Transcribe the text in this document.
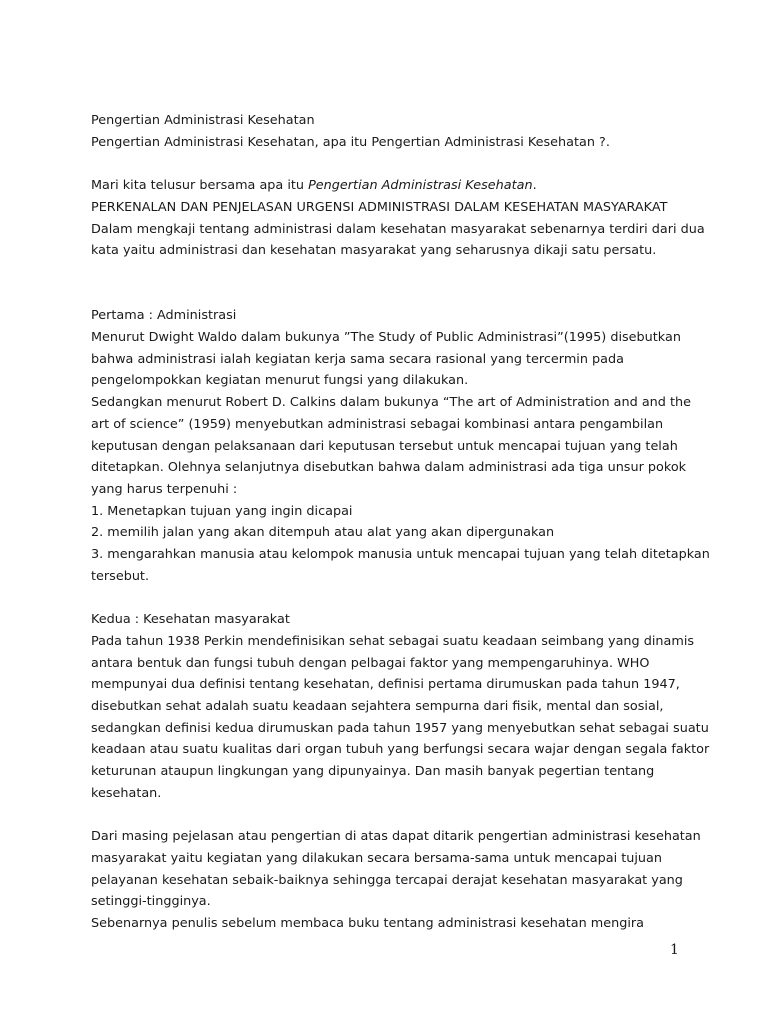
Pengertian Administrasi Kesehatan
Pengertian Administrasi Kesehatan, apa itu Pengertian Administrasi Kesehatan ?.
Mari kita telusur bersama apa itu Pengertian Administrasi Kesehatan.
PERKENALAN DAN PENJELASAN URGENSI ADMINISTRASI DALAM KESEHATAN MASYARAKAT
Dalam mengkaji tentang administrasi dalam kesehatan masyarakat sebenarnya terdiri dari dua
kata yaitu administrasi dan kesehatan masyarakat yang seharusnya dikaji satu persatu.
Pertama : Administrasi
Menurut Dwight Waldo dalam bukunya ”The Study of Public Administrasi”(1995) disebutkan
bahwa administrasi ialah kegiatan kerja sama secara rasional yang tercermin pada
pengelompokkan kegiatan menurut fungsi yang dilakukan.
Sedangkan menurut Robert D. Calkins dalam bukunya “The art of Administration and and the
art of science” (1959) menyebutkan administrasi sebagai kombinasi antara pengambilan
keputusan dengan pelaksanaan dari keputusan tersebut untuk mencapai tujuan yang telah
ditetapkan. Olehnya selanjutnya disebutkan bahwa dalam administrasi ada tiga unsur pokok
yang harus terpenuhi :
1. Menetapkan tujuan yang ingin dicapai
2. memilih jalan yang akan ditempuh atau alat yang akan dipergunakan
3. mengarahkan manusia atau kelompok manusia untuk mencapai tujuan yang telah ditetapkan
tersebut.
Kedua : Kesehatan masyarakat
Pada tahun 1938 Perkin mendefinisikan sehat sebagai suatu keadaan seimbang yang dinamis
antara bentuk dan fungsi tubuh dengan pelbagai faktor yang mempengaruhinya. WHO
mempunyai dua definisi tentang kesehatan, definisi pertama dirumuskan pada tahun 1947,
disebutkan sehat adalah suatu keadaan sejahtera sempurna dari fisik, mental dan sosial,
sedangkan definisi kedua dirumuskan pada tahun 1957 yang menyebutkan sehat sebagai suatu
keadaan atau suatu kualitas dari organ tubuh yang berfungsi secara wajar dengan segala faktor
keturunan ataupun lingkungan yang dipunyainya. Dan masih banyak pegertian tentang
kesehatan.
Dari masing pejelasan atau pengertian di atas dapat ditarik pengertian administrasi kesehatan
masyarakat yaitu kegiatan yang dilakukan secara bersama-sama untuk mencapai tujuan
pelayanan kesehatan sebaik-baiknya sehingga tercapai derajat kesehatan masyarakat yang
setinggi-tingginya.
Sebenarnya penulis sebelum membaca buku tentang administrasi kesehatan mengira
1
